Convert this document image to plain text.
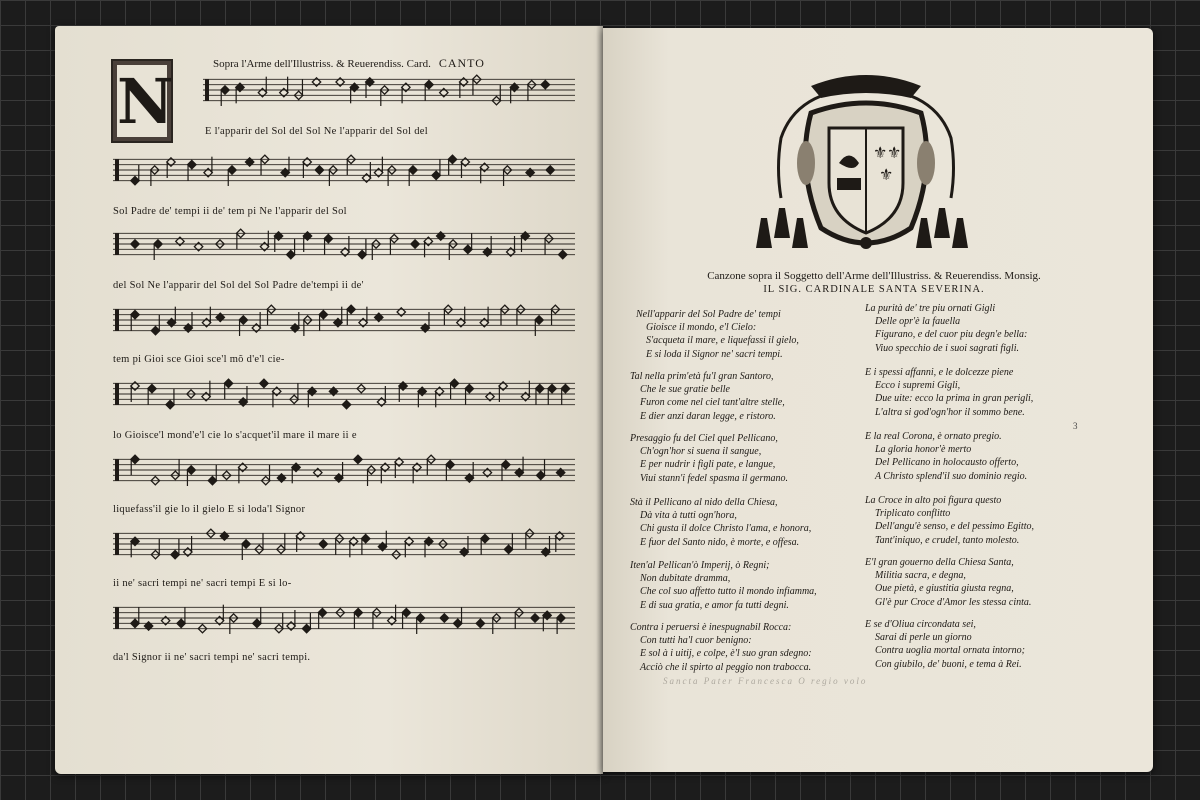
N
Sopra l'Arme dell'Illustriss. & Reuerendiss. Card. CANTO
E l'apparir del Sol del Sol Ne l'apparir del Sol del
Sol Padre de' tempi ii de' tem pi Ne l'apparir del Sol
del Sol Ne l'apparir del Sol del Sol Padre de'tempi ii de'
tem pi Gioi sce Gioi sce'l mõ d'e'l cie-
lo Gioisce'l mond'e'l cie lo s'acquet'il mare il mare ii e
liquefass'il gie lo il gielo E si loda'l Signor
ii ne' sacri tempi ne' sacri tempi E si lo-
da'l Signor ii ne' sacri tempi ne' sacri tempi.
⚜ ⚜
⚜
Canzone sopra il Soggetto dell'Arme dell'Illustriss. & Reuerendiss. Monsig.
IL SIG. CARDINALE SANTA SEVERINA.
3
Sancta Pater Francesca O regio volo
Nell'apparir del Sol Padre de' tempi
Gioisce il mondo, e'l Cielo:
S'acqueta il mare, e liquefassi il gielo,
E si loda il Signor ne' sacri tempi.
Tal nella prim'età fu'l gran Santoro,
Che le sue gratie belle
Furon come nel ciel tant'altre stelle,
E dier anzi daran legge, e ristoro.
Presaggio fu del Ciel quel Pellicano,
Ch'ogn'hor si suena il sangue,
E per nudrir i figli pate, e langue,
Viui stann'i fedel spasma il germano.
Stà il Pellicano al nido della Chiesa,
Dà vita à tutti ogn'hora,
Chi gusta il dolce Christo l'ama, e honora,
E fuor del Santo nido, è morte, e offesa.
Iten'al Pellican'ò Imperij, ò Regni;
Non dubitate dramma,
Che col suo affetto tutto il mondo infiamma,
E di sua gratia, e amor fa tutti degni.
Contra i peruersi è inespugnabil Rocca:
Con tutti ha'l cuor benigno:
E sol à i uitij, e colpe, è'l suo gran sdegno:
Acciò che il spirto al peggio non trabocca.
La purità de' tre piu ornati Gigli
Delle opr'è la fauella
Figurano, e del cuor piu degn'e bella:
Viuo specchio de i suoi sagrati figli.
E i spessi affanni, e le dolcezze piene
Ecco i supremi Gigli,
Due uite: ecco la prima in gran perigli,
L'altra si god'ogn'hor il sommo bene.
E la real Corona, è ornato pregio.
La gloria honor'è merto
Del Pellicano in holocausto offerto,
A Christo splend'il suo dominio regio.
La Croce in alto poi figura questo
Triplicato conflitto
Dell'angu'è senso, e del pessimo Egitto,
Tant'iniquo, e crudel, tanto molesto.
E'l gran gouerno della Chiesa Santa,
Militia sacra, e degna,
Oue pietà, e giustitia giusta regna,
Gl'è pur Croce d'Amor les stessa cinta.
E se d'Oliua circondata sei,
Sarai di perle un giorno
Contra uoglia mortal ornata intorno;
Con giubilo, de' buoni, e tema à Rei.
